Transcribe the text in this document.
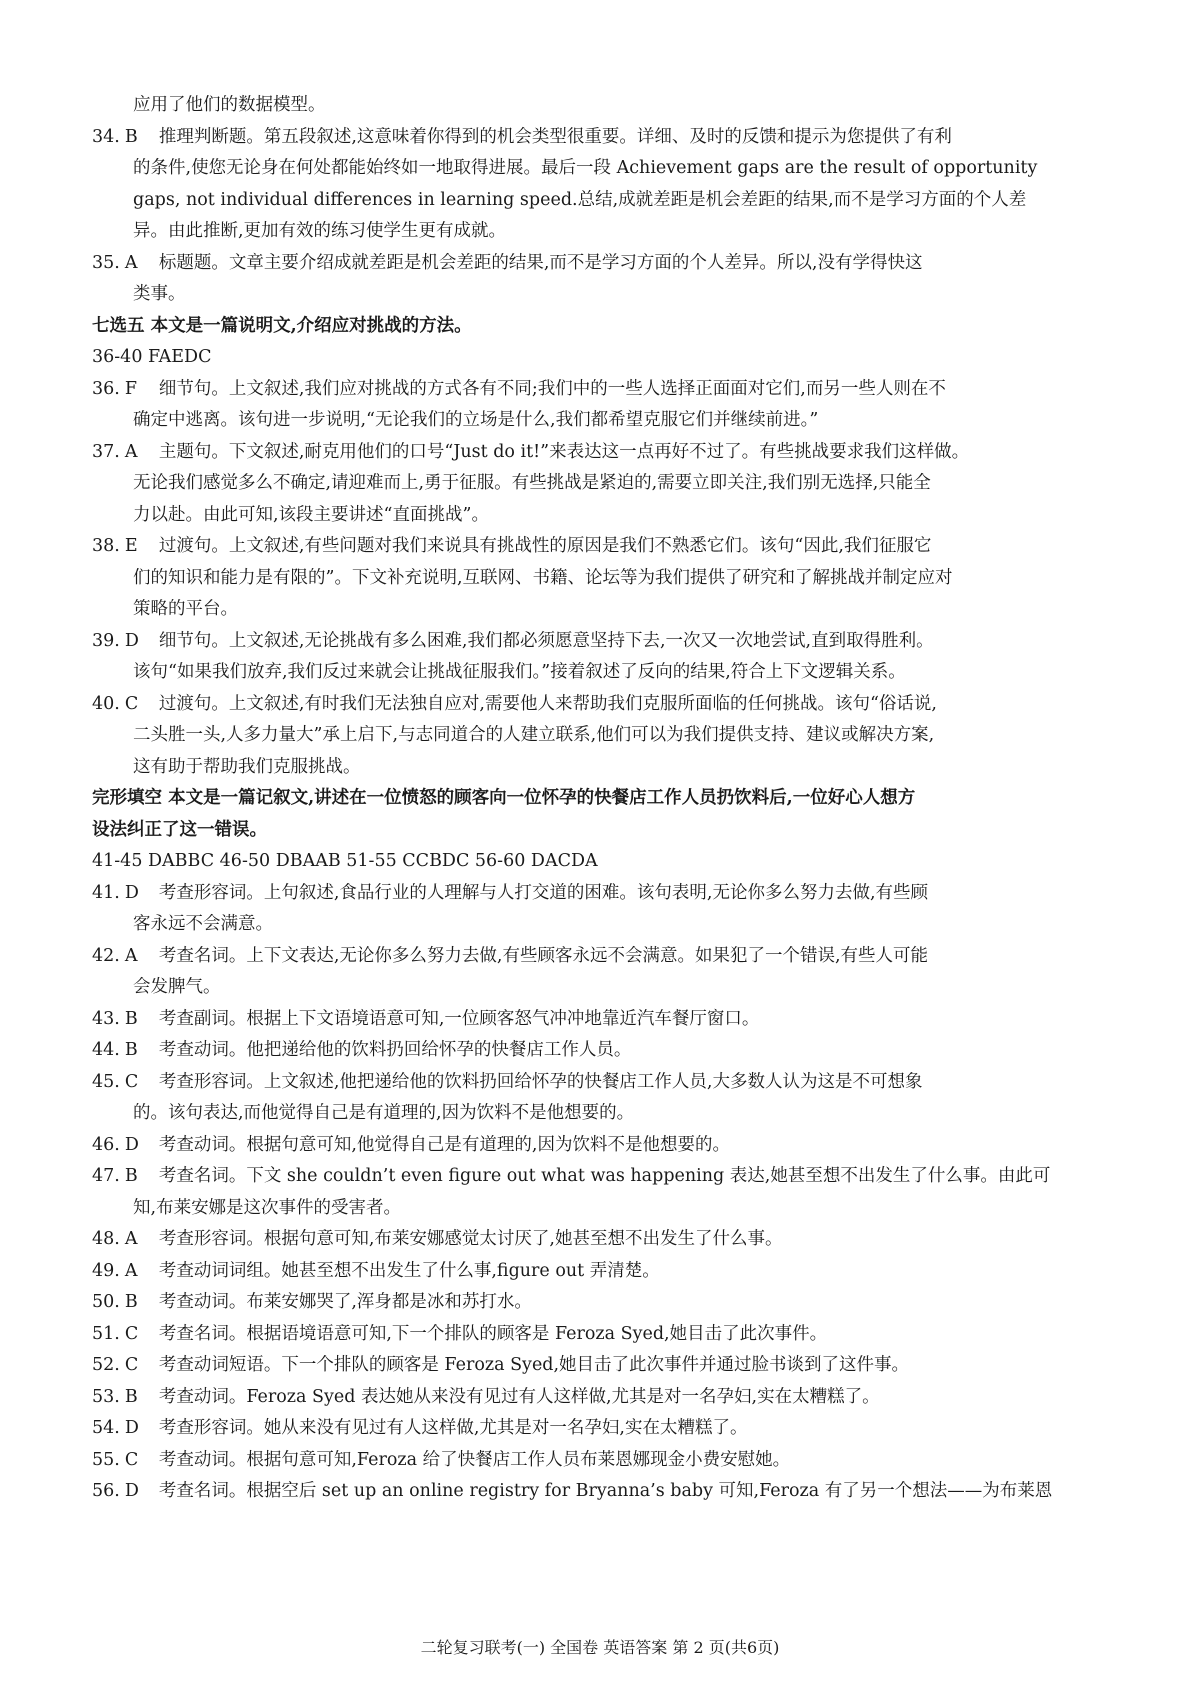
应用了他们的数据模型。
34. B 推理判断题。第五段叙述,这意味着你得到的机会类型很重要。详细、及时的反馈和提示为您提供了有利
的条件,使您无论身在何处都能始终如一地取得进展。最后一段 Achievement gaps are the result of opportunity
gaps, not individual differences in learning speed.总结,成就差距是机会差距的结果,而不是学习方面的个人差
异。由此推断,更加有效的练习使学生更有成就。
35. A 标题题。文章主要介绍成就差距是机会差距的结果,而不是学习方面的个人差异。所以,没有学得快这
类事。
七选五 本文是一篇说明文,介绍应对挑战的方法。
36-40 FAEDC
36. F 细节句。上文叙述,我们应对挑战的方式各有不同;我们中的一些人选择正面面对它们,而另一些人则在不
确定中逃离。该句进一步说明,“无论我们的立场是什么,我们都希望克服它们并继续前进。”
37. A 主题句。下文叙述,耐克用他们的口号“Just do it!”来表达这一点再好不过了。有些挑战要求我们这样做。
无论我们感觉多么不确定,请迎难而上,勇于征服。有些挑战是紧迫的,需要立即关注,我们别无选择,只能全
力以赴。由此可知,该段主要讲述“直面挑战”。
38. E 过渡句。上文叙述,有些问题对我们来说具有挑战性的原因是我们不熟悉它们。该句“因此,我们征服它
们的知识和能力是有限的”。下文补充说明,互联网、书籍、论坛等为我们提供了研究和了解挑战并制定应对
策略的平台。
39. D 细节句。上文叙述,无论挑战有多么困难,我们都必须愿意坚持下去,一次又一次地尝试,直到取得胜利。
该句“如果我们放弃,我们反过来就会让挑战征服我们。”接着叙述了反向的结果,符合上下文逻辑关系。
40. C 过渡句。上文叙述,有时我们无法独自应对,需要他人来帮助我们克服所面临的任何挑战。该句“俗话说,
二头胜一头,人多力量大”承上启下,与志同道合的人建立联系,他们可以为我们提供支持、建议或解决方案,
这有助于帮助我们克服挑战。
完形填空 本文是一篇记叙文,讲述在一位愤怒的顾客向一位怀孕的快餐店工作人员扔饮料后,一位好心人想方
设法纠正了这一错误。
41-45 DABBC 46-50 DBAAB 51-55 CCBDC 56-60 DACDA
41. D 考查形容词。上句叙述,食品行业的人理解与人打交道的困难。该句表明,无论你多么努力去做,有些顾
客永远不会满意。
42. A 考查名词。上下文表达,无论你多么努力去做,有些顾客永远不会满意。如果犯了一个错误,有些人可能
会发脾气。
43. B 考查副词。根据上下文语境语意可知,一位顾客怒气冲冲地靠近汽车餐厅窗口。
44. B 考查动词。他把递给他的饮料扔回给怀孕的快餐店工作人员。
45. C 考查形容词。上文叙述,他把递给他的饮料扔回给怀孕的快餐店工作人员,大多数人认为这是不可想象
的。该句表达,而他觉得自己是有道理的,因为饮料不是他想要的。
46. D 考查动词。根据句意可知,他觉得自己是有道理的,因为饮料不是他想要的。
47. B 考查名词。下文 she couldn’t even figure out what was happening 表达,她甚至想不出发生了什么事。由此可
知,布莱安娜是这次事件的受害者。
48. A 考查形容词。根据句意可知,布莱安娜感觉太讨厌了,她甚至想不出发生了什么事。
49. A 考查动词词组。她甚至想不出发生了什么事,figure out 弄清楚。
50. B 考查动词。布莱安娜哭了,浑身都是冰和苏打水。
51. C 考查名词。根据语境语意可知,下一个排队的顾客是 Feroza Syed,她目击了此次事件。
52. C 考查动词短语。下一个排队的顾客是 Feroza Syed,她目击了此次事件并通过脸书谈到了这件事。
53. B 考查动词。Feroza Syed 表达她从来没有见过有人这样做,尤其是对一名孕妇,实在太糟糕了。
54. D 考查形容词。她从来没有见过有人这样做,尤其是对一名孕妇,实在太糟糕了。
55. C 考查动词。根据句意可知,Feroza 给了快餐店工作人员布莱恩娜现金小费安慰她。
56. D 考查名词。根据空后 set up an online registry for Bryanna’s baby 可知,Feroza 有了另一个想法——为布莱恩
二轮复习联考(一) 全国卷 英语答案 第 2 页(共6页)
